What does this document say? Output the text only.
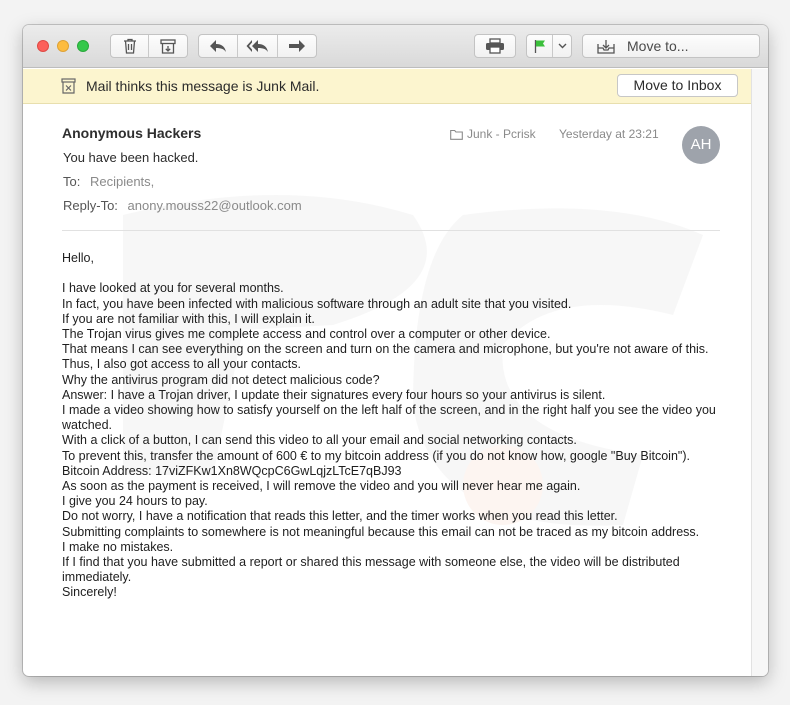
Move to...
Mail thinks this message is Junk Mail.	Move to Inbox
Anonymous Hackers	Junk - Pcrisk Yesterday at 23:21
AH
You have been hacked.
To: Recipients,
Reply-To: anony.mouss22@outlook.com
Hello,
I have looked at you for several months.
In fact, you have been infected with malicious software through an adult site that you visited.
If you are not familiar with this, I will explain it.
The Trojan virus gives me complete access and control over a computer or other device.
That means I can see everything on the screen and turn on the camera and microphone, but you're not aware of this.
Thus, I also got access to all your contacts.
Why the antivirus program did not detect malicious code?
Answer: I have a Trojan driver, I update their signatures every four hours so your antivirus is silent.
I made a video showing how to satisfy yourself on the left half of the screen, and in the right half you see the video you watched.
With a click of a button, I can send this video to all your email and social networking contacts.
To prevent this, transfer the amount of 600 € to my bitcoin address (if you do not know how, google "Buy Bitcoin").
Bitcoin Address: 17viZFKw1Xn8WQcpC6GwLqjzLTcE7qBJ93
As soon as the payment is received, I will remove the video and you will never hear me again.
I give you 24 hours to pay.
Do not worry, I have a notification that reads this letter, and the timer works when you read this letter.
Submitting complaints to somewhere is not meaningful because this email can not be traced as my bitcoin address.
I make no mistakes.
If I find that you have submitted a report or shared this message with someone else, the video will be distributed immediately.
Sincerely!
